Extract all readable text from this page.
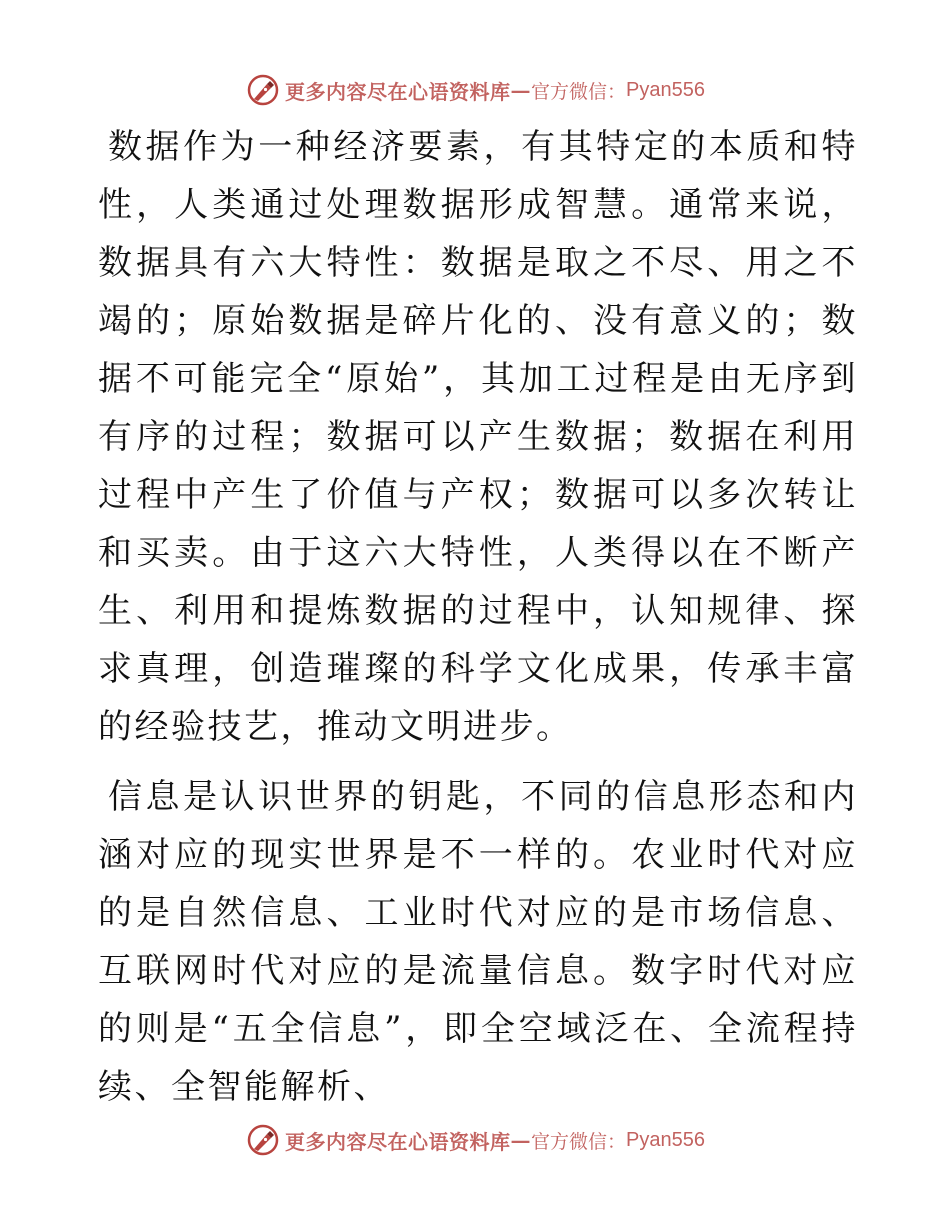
更多内容尽在心语资料库 — 官方微信： Pyan556

数据作为一种经济要素，有其特定的本质和特性，人类通过处理数据形成智慧。通常来说，数据具有六大特性：数据是取之不尽、用之不竭的；原始数据是碎片化的、没有意义的；数据不可能完全“原始”，其加工过程是由无序到有序的过程；数据可以产生数据；数据在利用过程中产生了价值与产权；数据可以多次转让和买卖。由于这六大特性，人类得以在不断产生、利用和提炼数据的过程中，认知规律、探求真理，创造璀璨的科学文化成果，传承丰富的经验技艺，推动文明进步。

信息是认识世界的钥匙，不同的信息形态和内涵对应的现实世界是不一样的。农业时代对应的是自然信息、工业时代对应的是市场信息、互联网时代对应的是流量信息。数字时代对应的则是“五全信息”，即全空域泛在、全流程持续、全智能解析、

更多内容尽在心语资料库 — 官方微信： Pyan556
